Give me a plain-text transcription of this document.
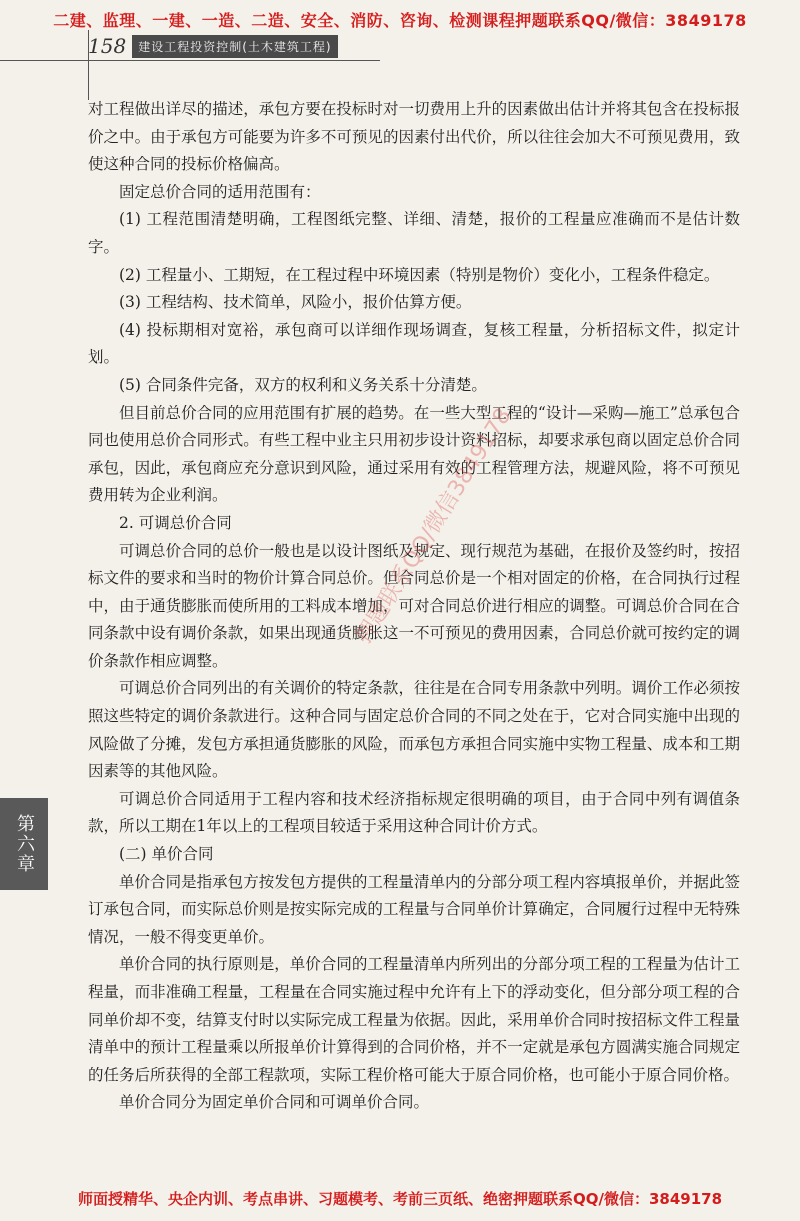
二建、监理、一建、一造、二造、安全、消防、咨询、检测课程押题联系QQ/微信：3849178
158	建设工程投资控制(土木建筑工程)

对工程做出详尽的描述，承包方要在投标时对一切费用上升的因素做出估计并将其包含在投标报价之中。由于承包方可能要为许多不可预见的因素付出代价，所以往往会加大不可预见费用，致使这种合同的投标价格偏高。

固定总价合同的适用范围有：

(1) 工程范围清楚明确，工程图纸完整、详细、清楚，报价的工程量应准确而不是估计数字。

(2) 工程量小、工期短，在工程过程中环境因素（特别是物价）变化小，工程条件稳定。

(3) 工程结构、技术简单，风险小，报价估算方便。

(4) 投标期相对宽裕，承包商可以详细作现场调查，复核工程量，分析招标文件，拟定计划。

(5) 合同条件完备，双方的权利和义务关系十分清楚。

但目前总价合同的应用范围有扩展的趋势。在一些大型工程的“设计—采购—施工”总承包合同也使用总价合同形式。有些工程中业主只用初步设计资料招标，却要求承包商以固定总价合同承包，因此，承包商应充分意识到风险，通过采用有效的工程管理方法，规避风险，将不可预见费用转为企业利润。

2. 可调总价合同

可调总价合同的总价一般也是以设计图纸及规定、现行规范为基础，在报价及签约时，按招标文件的要求和当时的物价计算合同总价。但合同总价是一个相对固定的价格，在合同执行过程中，由于通货膨胀而使所用的工料成本增加，可对合同总价进行相应的调整。可调总价合同在合同条款中设有调价条款，如果出现通货膨胀这一不可预见的费用因素，合同总价就可按约定的调价条款作相应调整。

可调总价合同列出的有关调价的特定条款，往往是在合同专用条款中列明。调价工作必须按照这些特定的调价条款进行。这种合同与固定总价合同的不同之处在于，它对合同实施中出现的风险做了分摊，发包方承担通货膨胀的风险，而承包方承担合同实施中实物工程量、成本和工期因素等的其他风险。

可调总价合同适用于工程内容和技术经济指标规定很明确的项目，由于合同中列有调值条款，所以工期在1年以上的工程项目较适于采用这种合同计价方式。

(二) 单价合同

单价合同是指承包方按发包方提供的工程量清单内的分部分项工程内容填报单价，并据此签订承包合同，而实际总价则是按实际完成的工程量与合同单价计算确定，合同履行过程中无特殊情况，一般不得变更单价。

单价合同的执行原则是，单价合同的工程量清单内所列出的分部分项工程的工程量为估计工程量，而非准确工程量，工程量在合同实施过程中允许有上下的浮动变化，但分部分项工程的合同单价却不变，结算支付时以实际完成工程量为依据。因此，采用单价合同时按招标文件工程量清单中的预计工程量乘以所报单价计算得到的合同价格，并不一定就是承包方圆满实施合同规定的任务后所获得的全部工程款项，实际工程价格可能大于原合同价格，也可能小于原合同价格。

单价合同分为固定单价合同和可调单价合同。

第六章
押题联系QQ/微信3849178
师面授精华、央企内训、考点串讲、习题模考、考前三页纸、绝密押题联系QQ/微信：3849178
